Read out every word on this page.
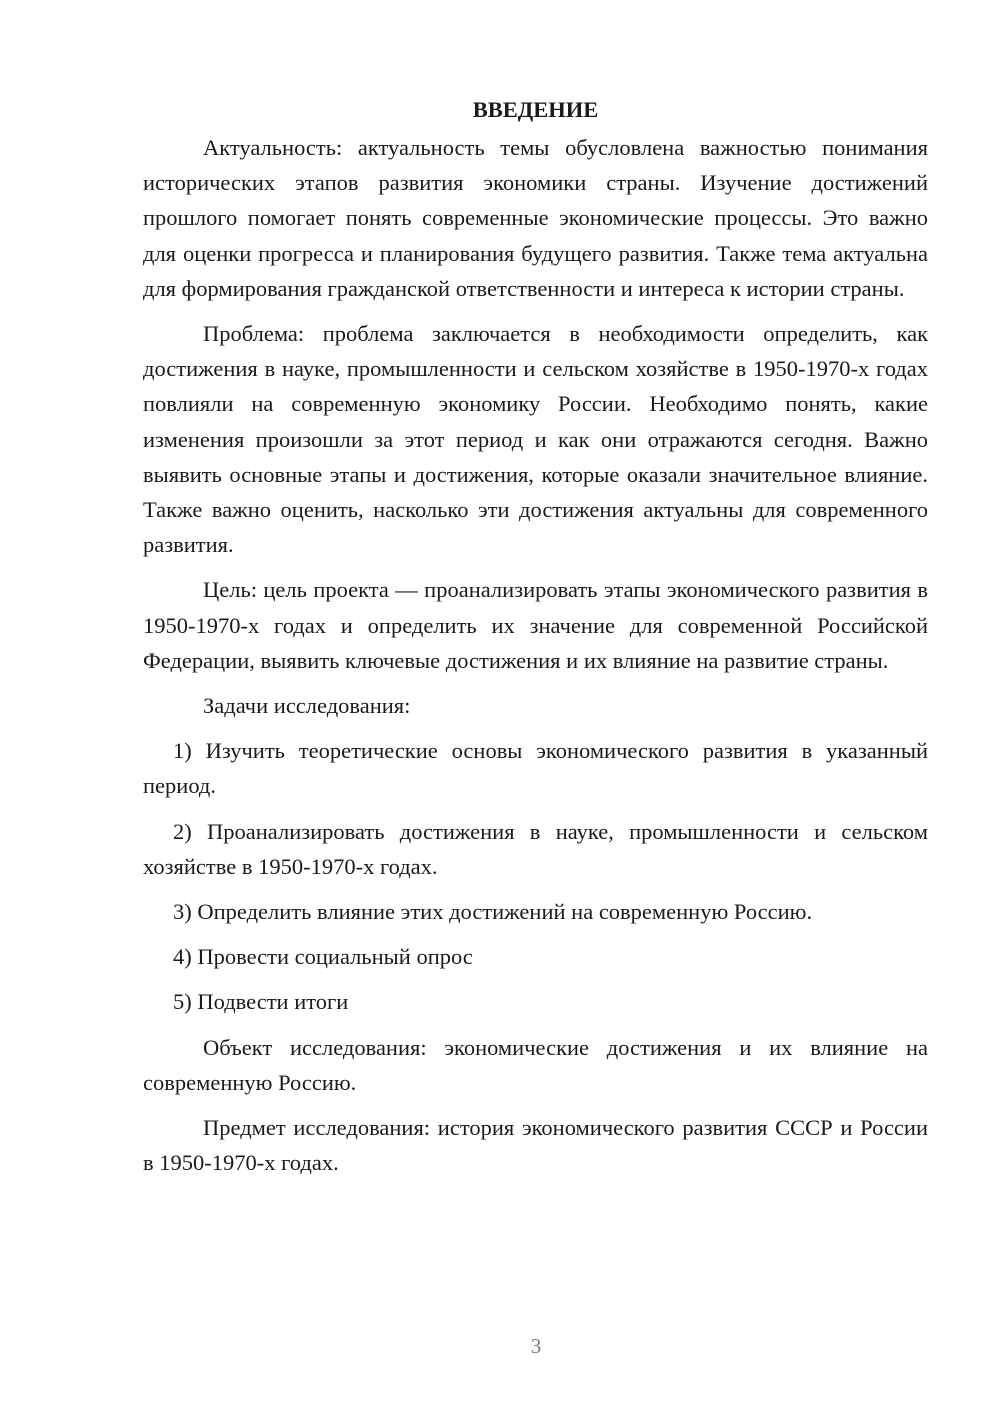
ВВЕДЕНИЕ

Актуальность: актуальность темы обусловлена важностью понимания исторических этапов развития экономики страны. Изучение достижений прошлого помогает понять современные экономические процессы. Это важно для оценки прогресса и планирования будущего развития. Также тема актуальна для формирования гражданской ответственности и интереса к истории страны.

Проблема: проблема заключается в необходимости определить, как достижения в науке, промышленности и сельском хозяйстве в 1950-1970-х годах повлияли на современную экономику России. Необходимо понять, какие изменения произошли за этот период и как они отражаются сегодня. Важно выявить основные этапы и достижения, которые оказали значительное влияние. Также важно оценить, насколько эти достижения актуальны для современного развития.

Цель: цель проекта — проанализировать этапы экономического развития в 1950-1970-х годах и определить их значение для современной Российской Федерации, выявить ключевые достижения и их влияние на развитие страны.

Задачи исследования:

1) Изучить теоретические основы экономического развития в указанный период.

2) Проанализировать достижения в науке, промышленности и сельском хозяйстве в 1950-1970-х годах.

3) Определить влияние этих достижений на современную Россию.

4) Провести социальный опрос

5) Подвести итоги

Объект исследования: экономические достижения и их влияние на современную Россию.

Предмет исследования: история экономического развития СССР и России в 1950-1970-х годах.

3
